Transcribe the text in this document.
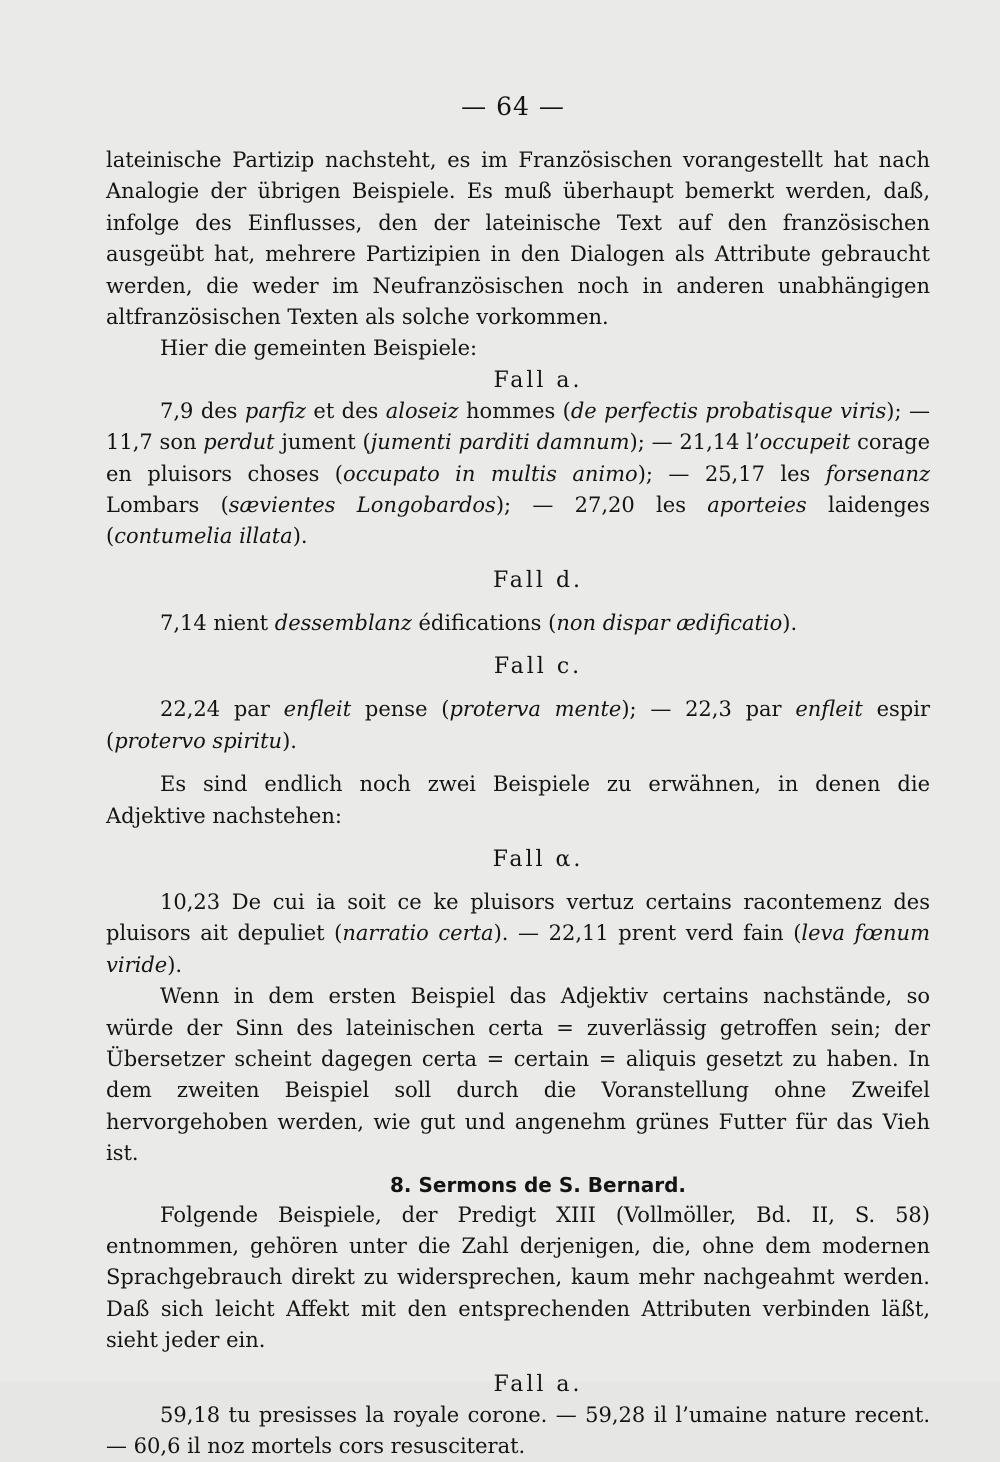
— 64 —

lateinische Partizip nachsteht, es im Französischen vorangestellt hat nach Analogie der übrigen Beispiele. Es muß überhaupt bemerkt werden, daß, infolge des Einflusses, den der lateinische Text auf den französischen ausgeübt hat, mehrere Partizipien in den Dialogen als Attribute gebraucht werden, die weder im Neufranzösischen noch in anderen unabhängigen altfranzösischen Texten als solche vorkommen.

Hier die gemeinten Beispiele:

Fall a.

7,9 des parfiz et des aloseiz hommes (de perfectis probatisque viris); — 11,7 son perdut jument (jumenti parditi damnum); — 21,14 l’occupeit corage en pluisors choses (occupato in multis animo); — 25,17 les forsenanz Lombars (sævientes Longobardos); — 27,20 les aporteies laidenges (contumelia illata).

Fall d.

7,14 nient dessemblanz édifications (non dispar ædificatio).

Fall c.

22,24 par enfleit pense (proterva mente); — 22,3 par enfleit espir (protervo spiritu).

Es sind endlich noch zwei Beispiele zu erwähnen, in denen die Adjektive nachstehen:

Fall α.

10,23 De cui ia soit ce ke pluisors vertuz certains racontemenz des pluisors ait depuliet (narratio certa). — 22,11 prent verd fain (leva fœnum viride).

Wenn in dem ersten Beispiel das Adjektiv certains nachstände, so würde der Sinn des lateinischen certa = zuverlässig getroffen sein; der Übersetzer scheint dagegen certa = certain = aliquis gesetzt zu haben. In dem zweiten Beispiel soll durch die Voranstellung ohne Zweifel hervorgehoben werden, wie gut und angenehm grünes Futter für das Vieh ist.

8. Sermons de S. Bernard.

Folgende Beispiele, der Predigt XIII (Vollmöller, Bd. II, S. 58) entnommen, gehören unter die Zahl derjenigen, die, ohne dem modernen Sprachgebrauch direkt zu widersprechen, kaum mehr nachgeahmt werden. Daß sich leicht Affekt mit den entsprechenden Attributen verbinden läßt, sieht jeder ein.

Fall a.

59,18 tu presisses la royale corone. — 59,28 il l’umaine nature recent. — 60,6 il noz mortels cors resusciterat.
